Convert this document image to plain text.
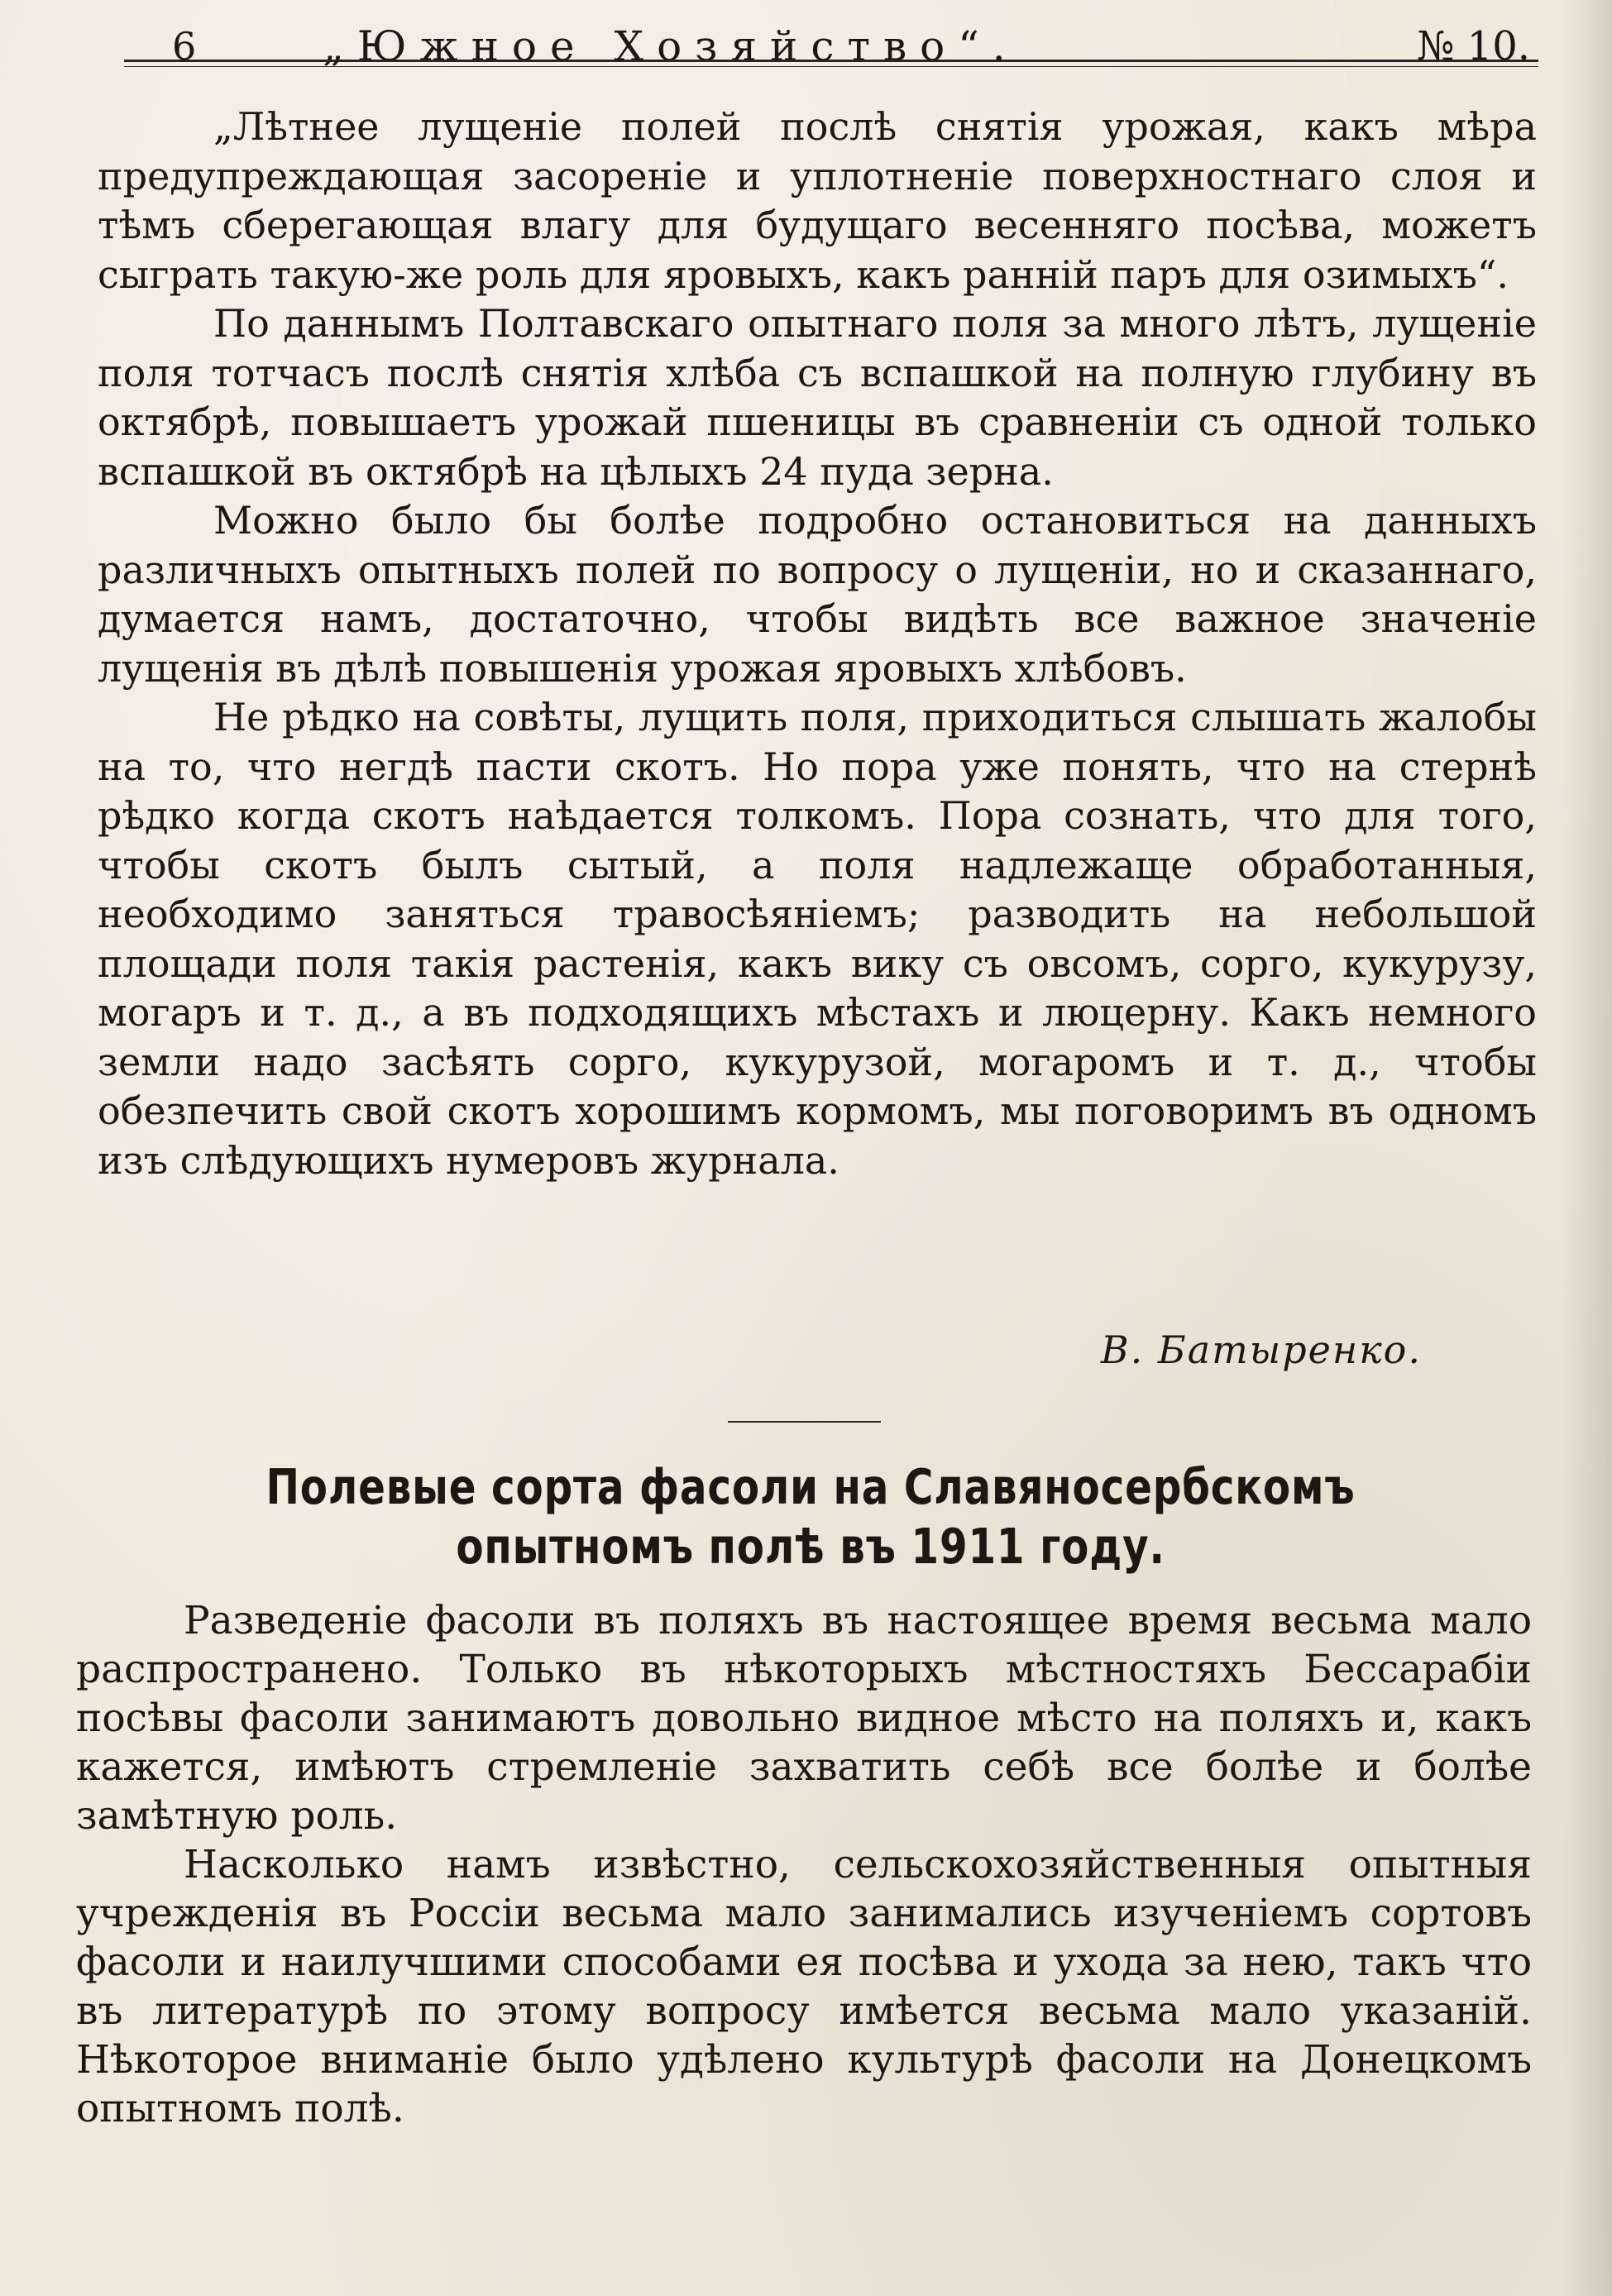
6	„Южное Хозяйство“.	№ 10.

„Лѣтнее лущеніе полей послѣ снятія урожая, какъ мѣра предупреждающая засореніе и уплотненіе поверхностнаго слоя и тѣмъ сберегающая влагу для будущаго весенняго посѣва, можетъ сыграть такую-же роль для яровыхъ, какъ ранній паръ для озимыхъ“.

По даннымъ Полтавскаго опытнаго поля за много лѣтъ, лущеніе поля тотчасъ послѣ снятія хлѣба съ вспашкой на полную глубину въ октябрѣ, повышаетъ урожай пшеницы въ сравненіи съ одной только вспашкой въ октябрѣ на цѣлыхъ 24 пуда зерна.

Можно было бы болѣе подробно остановиться на данныхъ различныхъ опытныхъ полей по вопросу о лущеніи, но и сказаннаго, думается намъ, достаточно, чтобы видѣть все важное значеніе лущенія въ дѣлѣ повышенія урожая яровыхъ хлѣбовъ.

Не рѣдко на совѣты, лущить поля, приходиться слышать жалобы на то, что негдѣ пасти скотъ. Но пора уже понять, что на стернѣ рѣдко когда скотъ наѣдается толкомъ. Пора сознать, что для того, чтобы скотъ былъ сытый, а поля надлежаще обработанныя, необходимо заняться травосѣяніемъ; разводить на небольшой площади поля такія растенія, какъ вику съ овсомъ, сорго, кукурузу, могаръ и т. д., а въ подходящихъ мѣстахъ и люцерну. Какъ немного земли надо засѣять сорго, кукурузой, могаромъ и т. д., чтобы обезпечить свой скотъ хорошимъ кормомъ, мы поговоримъ въ одномъ изъ слѣдующихъ нумеровъ журнала.

В. Батыренко.
Полевые сорта фасоли на Славяносербскомъ опытномъ полѣ въ 1911 году.

Разведеніе фасоли въ поляхъ въ настоящее время весьма мало распространено. Только въ нѣкоторыхъ мѣстностяхъ Бессарабіи посѣвы фасоли занимаютъ довольно видное мѣсто на поляхъ и, какъ кажется, имѣютъ стремленіе захватить себѣ все болѣе и болѣе замѣтную роль.

Насколько намъ извѣстно, сельскохозяйственныя опытныя учрежденія въ Россіи весьма мало занимались изученіемъ сортовъ фасоли и наилучшими способами ея посѣва и ухода за нею, такъ что въ литературѣ по этому вопросу имѣется весьма мало указаній. Нѣкоторое вниманіе было удѣлено культурѣ фасоли на Донецкомъ опытномъ полѣ.
